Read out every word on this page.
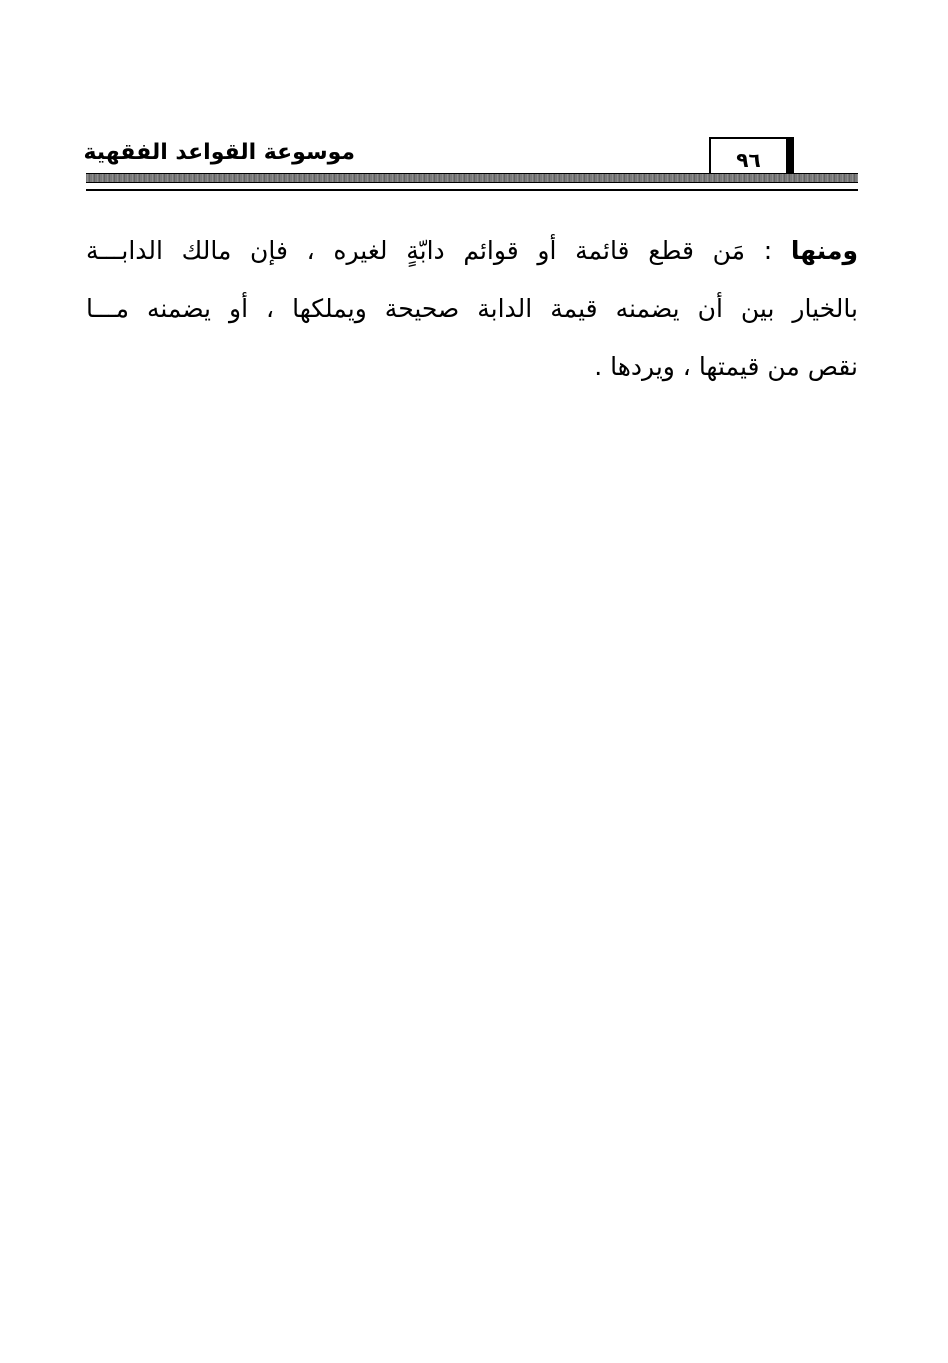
٩٦
موسوعة القواعد الفقهية
ومنها : مَن قطع قائمة أو قوائم دابّةٍ لغيره ، فإن مالك الدابـــة
بالخيار بين أن يضمنه قيمة الدابة صحيحة ويملكها ، أو يضمنه مـــا
نقص من قيمتها ، ويردها .
